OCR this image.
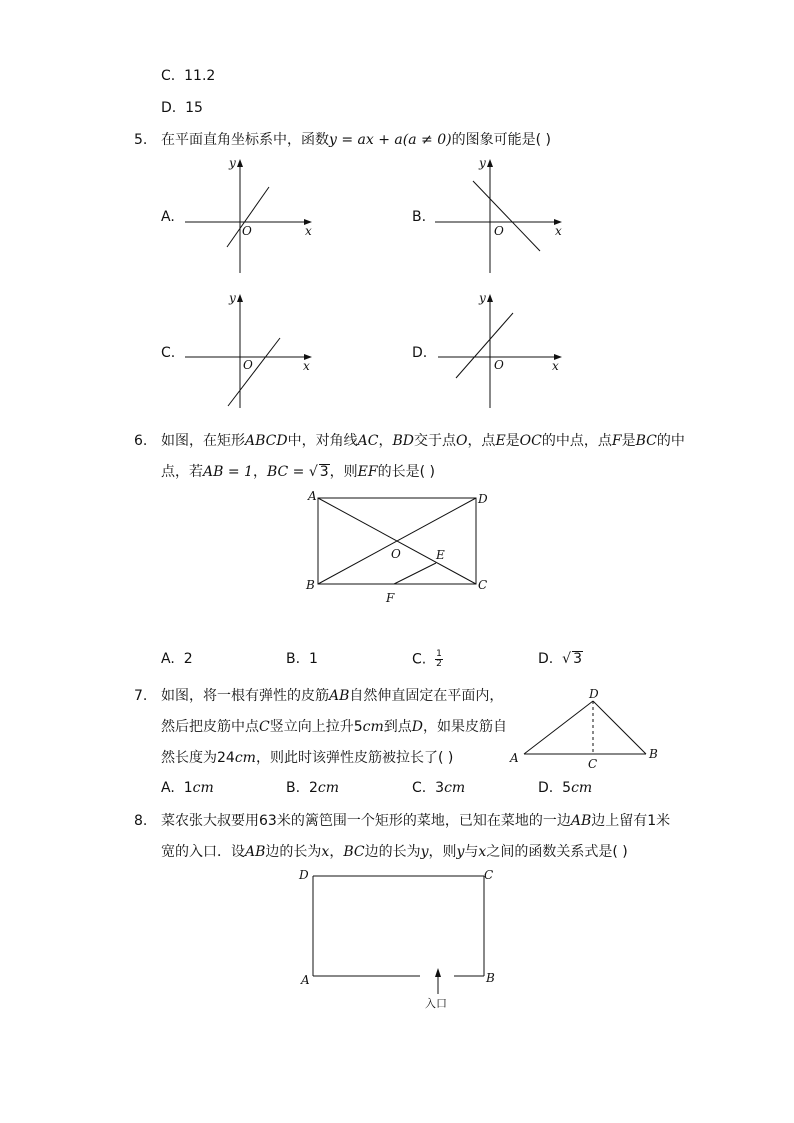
C. 11.2
D. 15
5. 在平面直角坐标系中，函数y = ax + a(a ≠ 0)的图象可能是( )
A.
x
y
O
B.
x
y
O
C.
x
y
O
D.
x
y
O
6. 如图，在矩形ABCD中，对角线AC，BD交于点O，点E是OC的中点，点F是BC的中
点，若AB = 1，BC = √ 3，则EF的长是( )
A	D
B	C
O	E
F
A. 2	B. 1	C. $\frac{1}{2}$	D. √ 3
7. 如图，将一根有弹性的皮筋AB自然伸直固定在平面内，
然后把皮筋中点C竖立向上拉升5cm到点D，如果皮筋自
然长度为24cm，则此时该弹性皮筋被拉长了( )
D
A	B
C
A. 1cm	B. 2cm	C. 3cm	D. 5cm
8. 菜农张大叔要用63米的篱笆围一个矩形的菜地，已知在菜地的一边AB边上留有1米
宽的入口．设AB边的长为x，BC边的长为y，则y与x之间的函数关系式是( )
D	C
A	B
入口
